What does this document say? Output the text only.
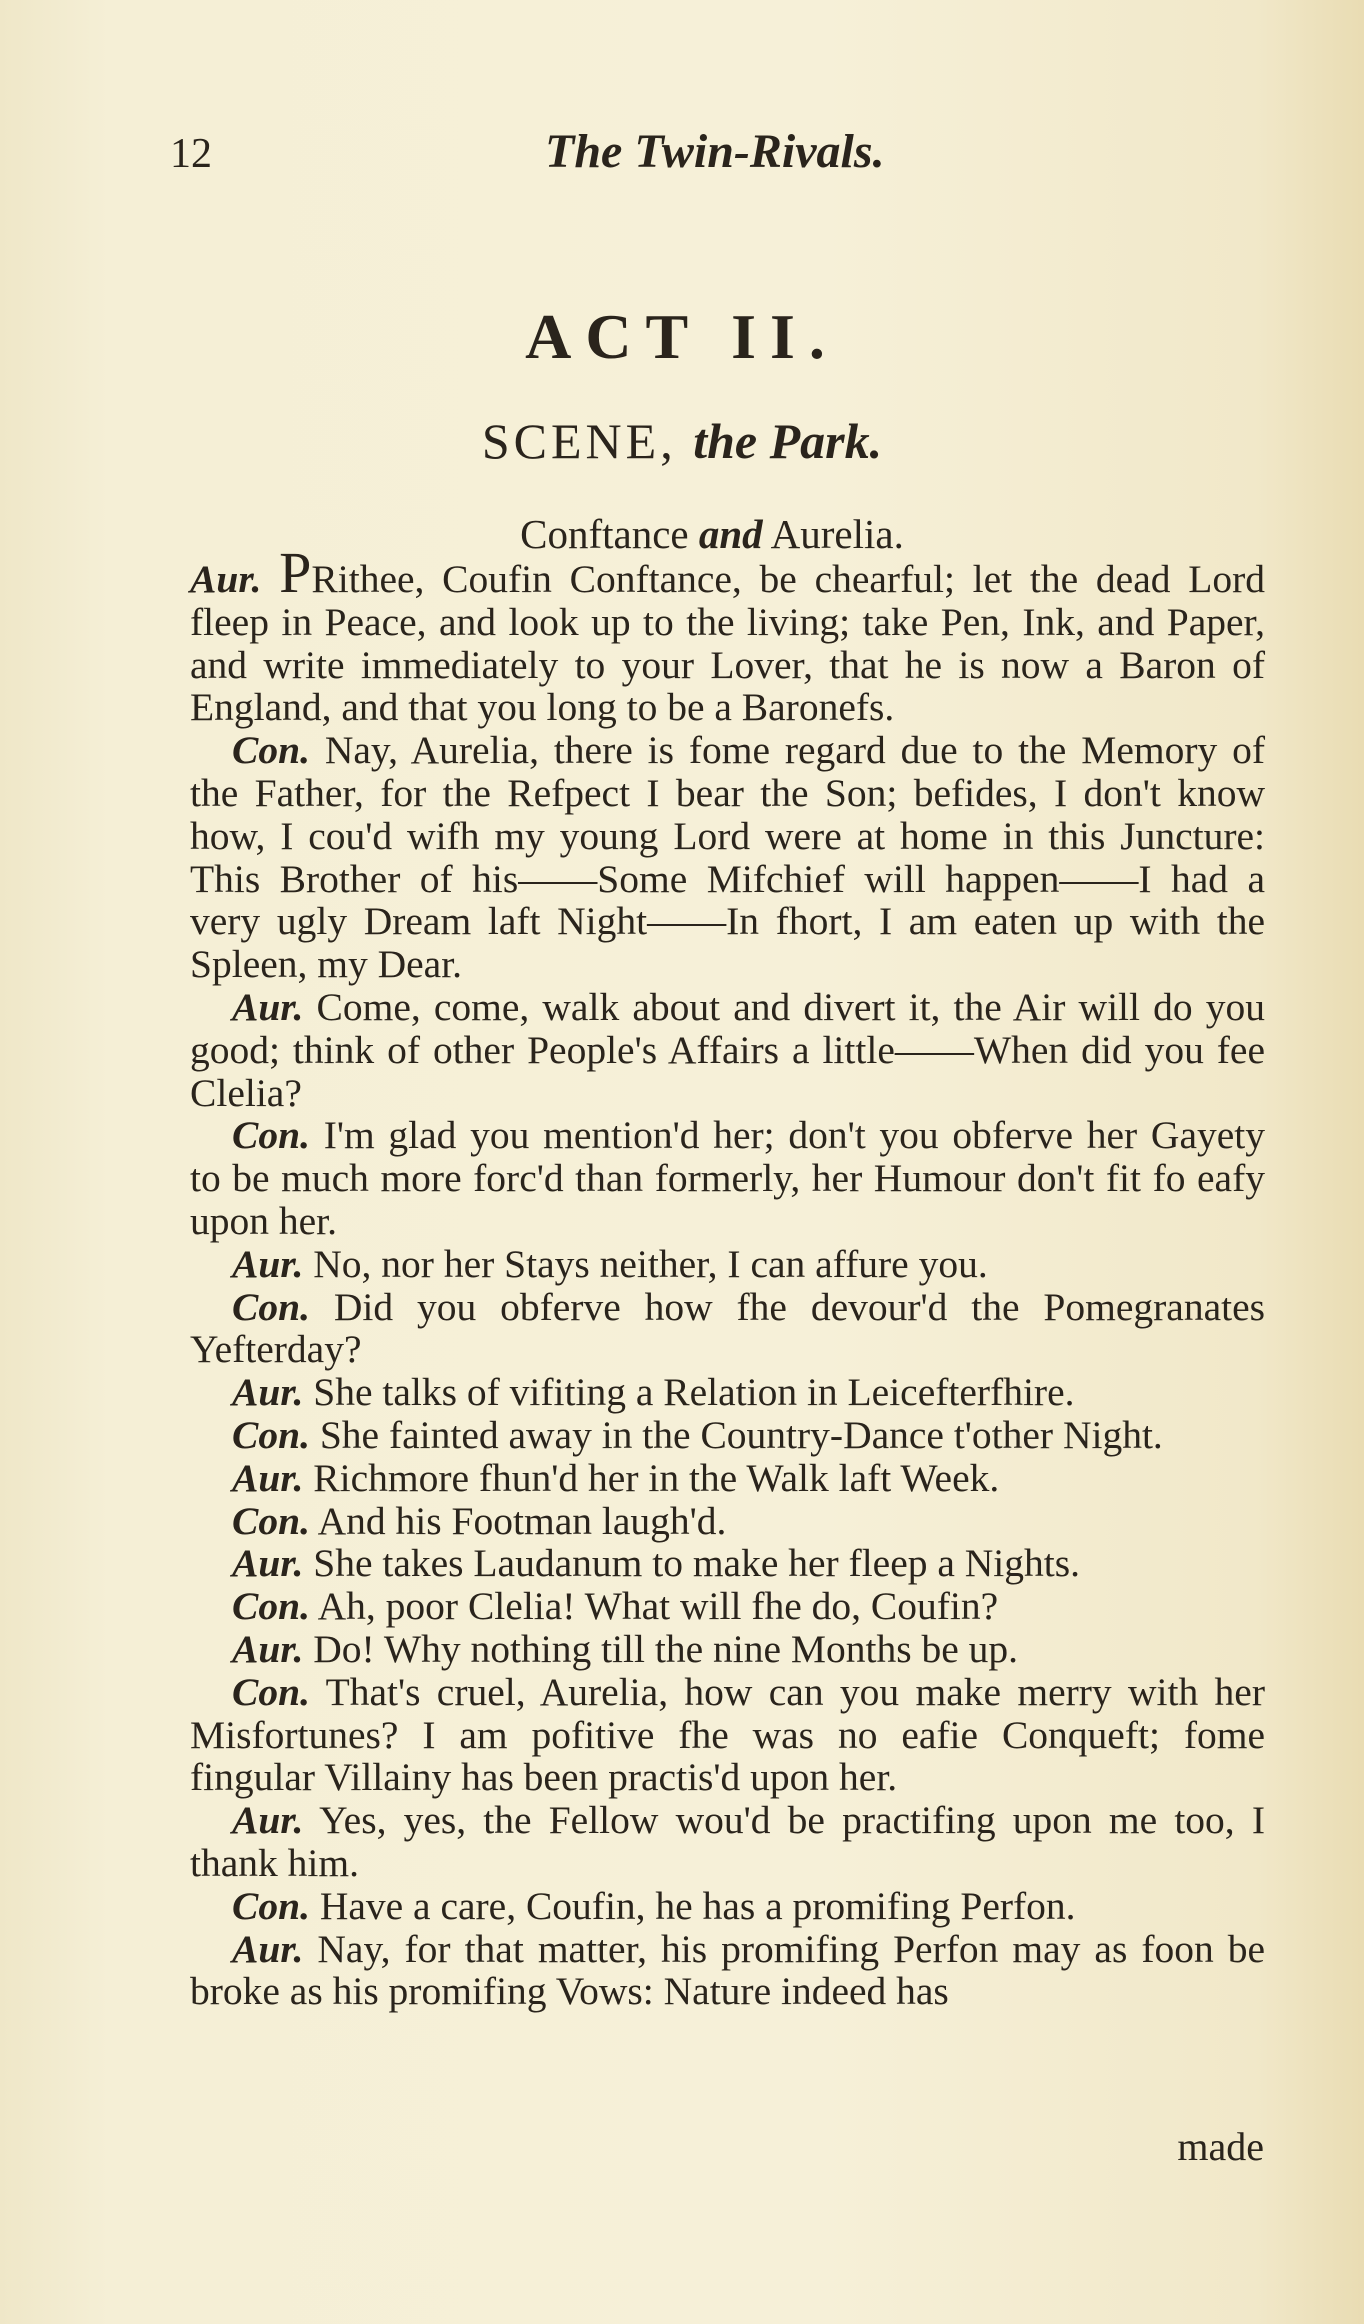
12	The Twin-Rivals.
ACT II.
SCENE, the Park.
Conftance and Aurelia.

Aur. PRithee, Coufin Conftance, be chearful; let the dead Lord fleep in Peace, and look up to the living; take Pen, Ink, and Paper, and write immediately to your Lover, that he is now a Baron of England, and that you long to be a Baronefs.

Con. Nay, Aurelia, there is fome regard due to the Memory of the Father, for the Refpect I bear the Son; befides, I don't know how, I cou'd wifh my young Lord were at home in this Juncture: This Brother of his——Some Mifchief will happen——I had a very ugly Dream laft Night——In fhort, I am eaten up with the Spleen, my Dear.

Aur. Come, come, walk about and divert it, the Air will do you good; think of other People's Affairs a little——When did you fee Clelia?

Con. I'm glad you mention'd her; don't you obferve her Gayety to be much more forc'd than formerly, her Humour don't fit fo eafy upon her.

Aur. No, nor her Stays neither, I can affure you.

Con. Did you obferve how fhe devour'd the Pomegranates Yefterday?

Aur. She talks of vifiting a Relation in Leicefterfhire.

Con. She fainted away in the Country-Dance t'other Night.

Aur. Richmore fhun'd her in the Walk laft Week.

Con. And his Footman laugh'd.

Aur. She takes Laudanum to make her fleep a Nights.

Con. Ah, poor Clelia! What will fhe do, Coufin?

Aur. Do! Why nothing till the nine Months be up.

Con. That's cruel, Aurelia, how can you make merry with her Misfortunes? I am pofitive fhe was no eafie Conqueft; fome fingular Villainy has been practis'd upon her.

Aur. Yes, yes, the Fellow wou'd be practifing upon me too, I thank him.

Con. Have a care, Coufin, he has a promifing Perfon.

Aur. Nay, for that matter, his promifing Perfon may as foon be broke as his promifing Vows: Nature indeed has

made
